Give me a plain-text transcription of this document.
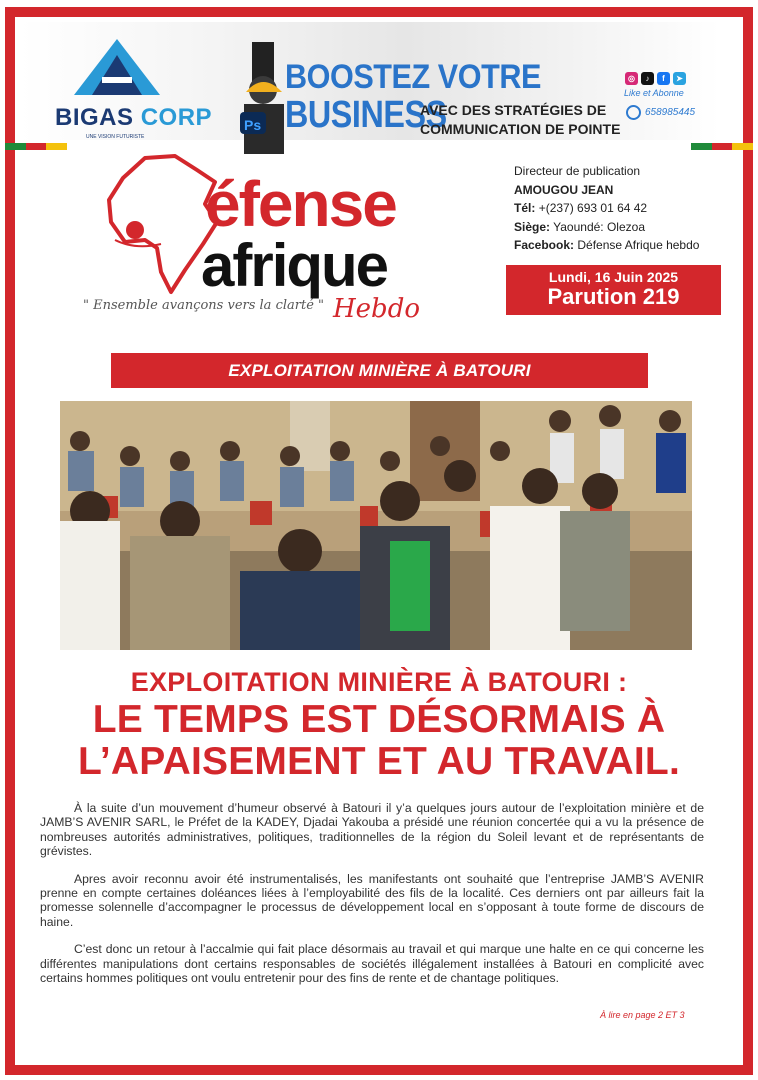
BIGAS CORP
UNE VISION FUTURISTE
Ps
BOOSTEZ VOTRE
BUSINESS
AVEC DES STRATÉGIES DE
COMMUNICATION DE POINTE
◎	♪	f	➤
Like et Abonne
658985445
éfense
afrique
Hebdo
" Ensemble avançons vers la clarté "
Directeur de publication
AMOUGOU JEAN
Tél: +(237) 693 01 64 42
Siège: Yaoundé: Olezoa
Facebook: Défense Afrique hebdo
Lundi, 16 Juin 2025
Parution 219
EXPLOITATION MINIÈRE À BATOURI
EXPLOITATION MINIÈRE À BATOURI :
LE TEMPS EST DÉSORMAIS À
L’APAISEMENT ET AU TRAVAIL.

À la suite d’un mouvement d’humeur observé à Batouri il y’a quelques jours autour de l’exploitation minière et de JAMB’S AVENIR SARL, le Préfet de la KADEY, Djadai Yakouba a présidé une réunion concertée qui a vu la présence de nombreuses autorités administratives, politiques, traditionnelles de la région du Soleil levant et de représentants de grévistes.

Apres avoir reconnu avoir été instrumentalisés, les manifestants ont souhaité que l’entreprise JAMB’S AVENIR prenne en compte certaines doléances liées à l’employabilité des fils de la localité. Ces derniers ont par ailleurs fait la promesse solennelle d’accompagner le processus de développement local en s’opposant à toute forme de discours de haine.

C’est donc un retour à l’accalmie qui fait place désormais au travail et qui marque une halte en ce qui concerne les différentes manipulations dont certains responsables de sociétés illégalement installées à Batouri en complicité avec certains hommes politiques ont voulu entretenir pour des fins de rente et de chantage politiques.

À lire en page 2 ET 3
